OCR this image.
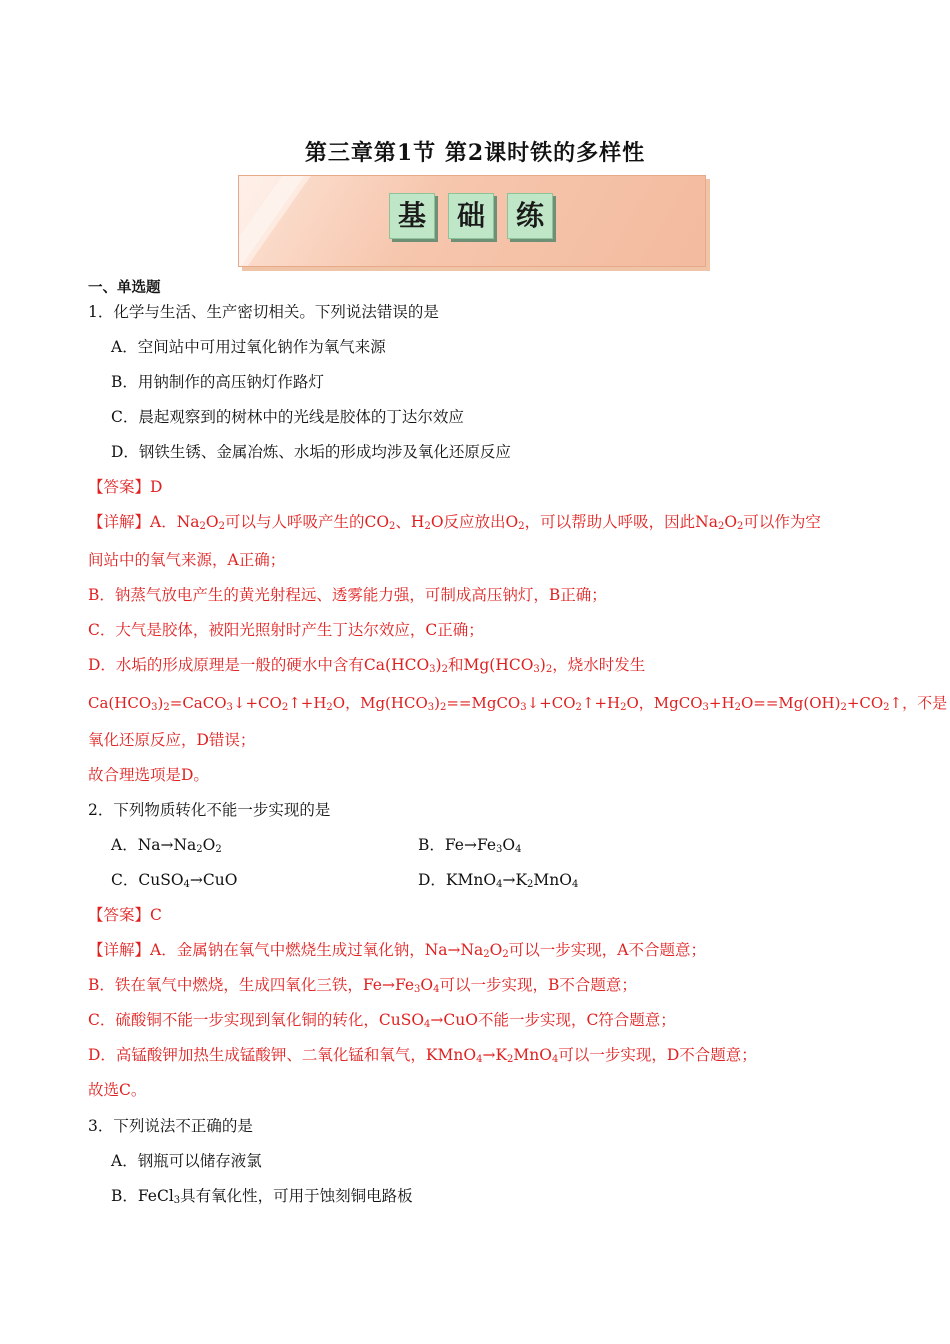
第三章第1节 第2课时铁的多样性
基	础	练
一、单选题
1．化学与生活、生产密切相关。下列说法错误的是
A．空间站中可用过氧化钠作为氧气来源
B．用钠制作的高压钠灯作路灯
C．晨起观察到的树林中的光线是胶体的丁达尔效应
D．钢铁生锈、金属冶炼、水垢的形成均涉及氧化还原反应
【答案】D
【详解】A．$Na_2O_2$可以与人呼吸产生的$CO_2$、$H_2O$反应放出$O_2$，可以帮助人呼吸，因此$Na_2O_2$可以作为空
间站中的氧气来源，A正确；
B．钠蒸气放电产生的黄光射程远、透雾能力强，可制成高压钠灯，B正确；
C．大气是胶体，被阳光照射时产生丁达尔效应，C正确；
D．水垢的形成原理是一般的硬水中含有$Ca(HCO_3)_2$和$Mg(HCO_3)_2$，烧水时发生
$Ca(HCO_3)_2=CaCO_3↓+CO_2↑+H_2O$，$Mg(HCO_3)_2==MgCO_3↓+CO_2↑+H_2O$，$MgCO_3+H_2O==Mg(OH)_2+CO_2↑$，不是
氧化还原反应，D错误；
故合理选项是D。
2．下列物质转化不能一步实现的是
A．$Na\to Na_2O_2$	B．$Fe\to Fe_3O_4$
C．CuSO$_4$→CuO	D．$KMnO_4\to K_2MnO_4$
【答案】C
【详解】A．金属钠在氧气中燃烧生成过氧化钠，$Na\to Na_2O_2$可以一步实现，A不合题意；
B．铁在氧气中燃烧，生成四氧化三铁，$Fe\to Fe_3O_4$可以一步实现，B不合题意；
C．硫酸铜不能一步实现到氧化铜的转化，CuSO$_4$→CuO不能一步实现，C符合题意；
D．高锰酸钾加热生成锰酸钾、二氧化锰和氧气，$KMnO_4\to K_2MnO_4$可以一步实现，D不合题意；
故选C。
3．下列说法不正确的是
A．钢瓶可以储存液氯
B．FeCl$_3$具有氧化性，可用于蚀刻铜电路板
